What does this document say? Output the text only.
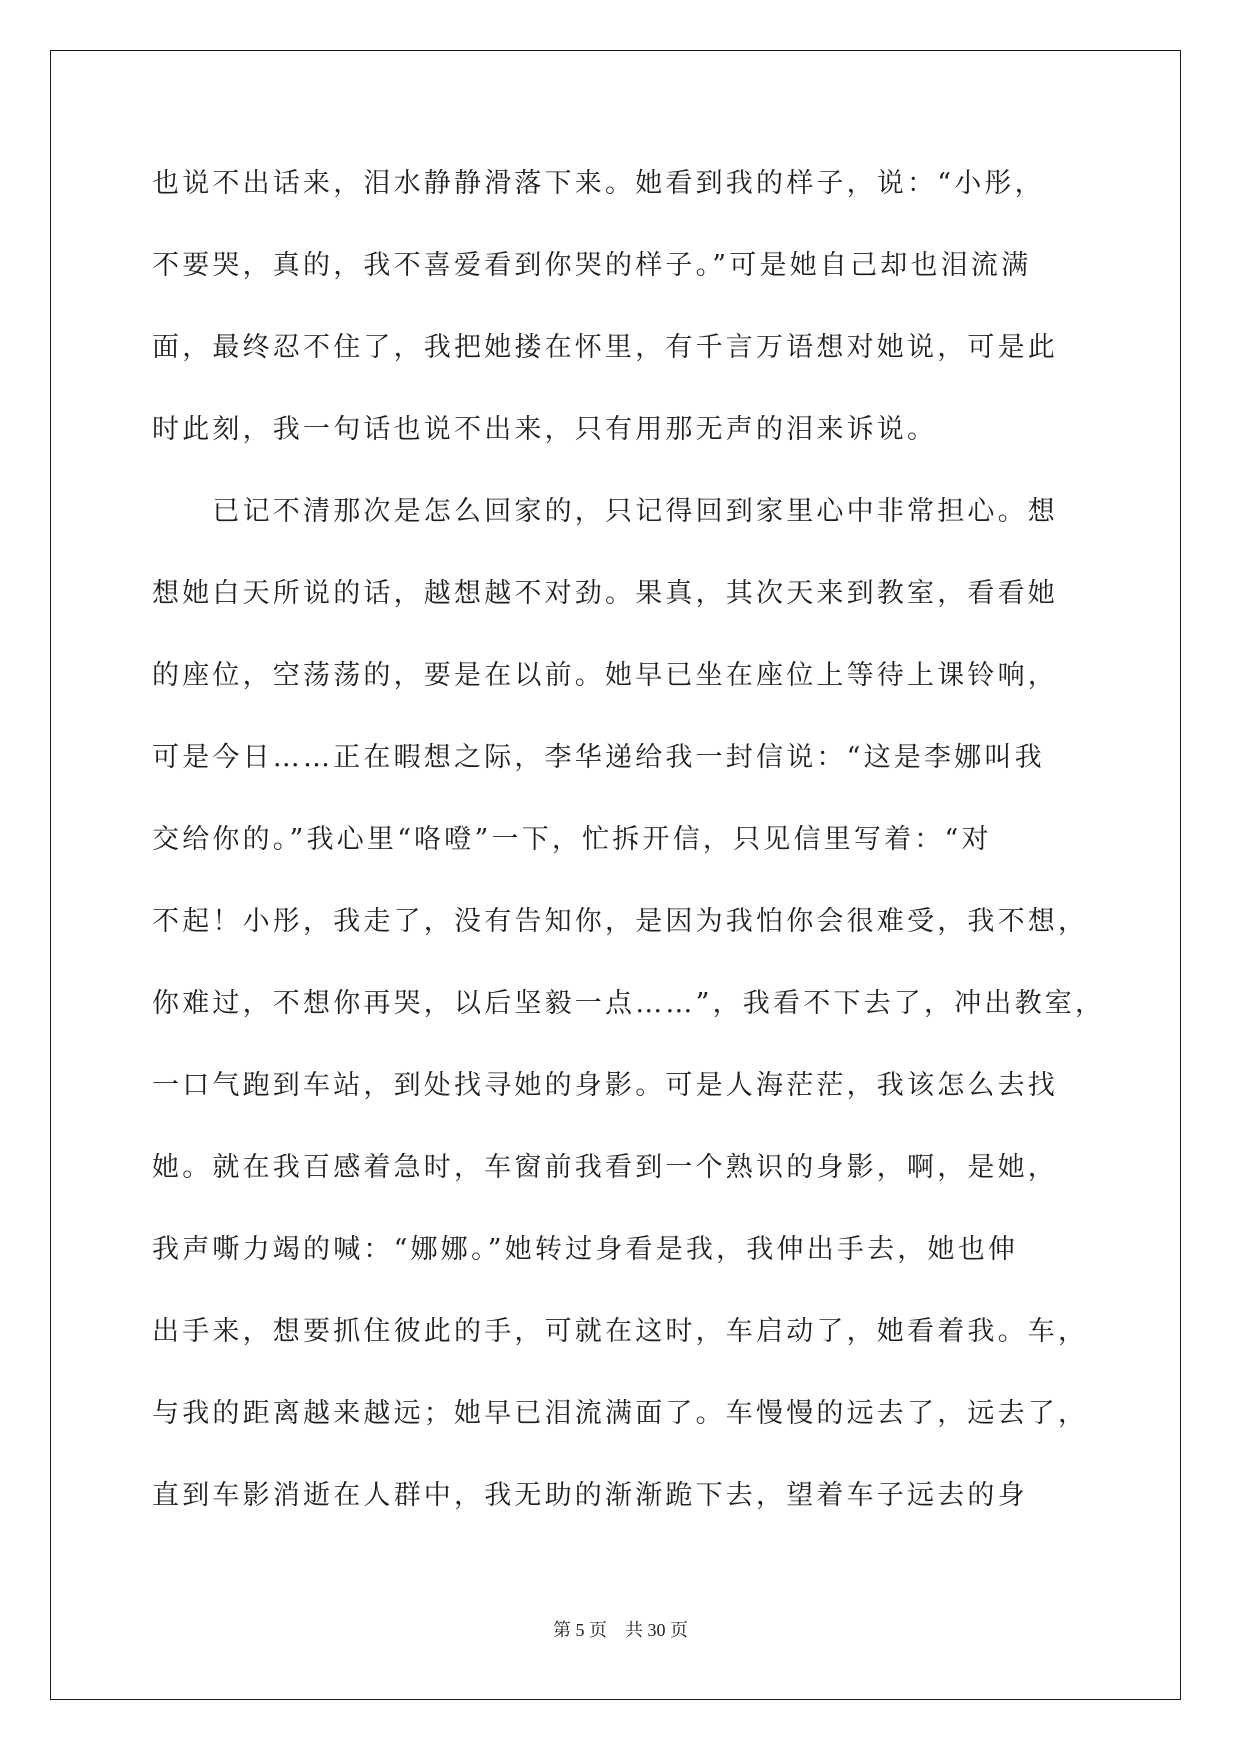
也说不出话来，泪水静静滑落下来。她看到我的样子，说：“小彤，

不要哭，真的，我不喜爱看到你哭的样子。”可是她自己却也泪流满

面，最终忍不住了，我把她搂在怀里，有千言万语想对她说，可是此

时此刻，我一句话也说不出来，只有用那无声的泪来诉说。

　　已记不清那次是怎么回家的，只记得回到家里心中非常担心。想

想她白天所说的话，越想越不对劲。果真，其次天来到教室，看看她

的座位，空荡荡的，要是在以前。她早已坐在座位上等待上课铃响，

可是今日……正在暇想之际，李华递给我一封信说：“这是李娜叫我

交给你的。”我心里“咯噔”一下，忙拆开信，只见信里写着：“对

不起！小彤，我走了，没有告知你，是因为我怕你会很难受，我不想，

你难过，不想你再哭，以后坚毅一点……”，我看不下去了，冲出教室，

一口气跑到车站，到处找寻她的身影。可是人海茫茫，我该怎么去找

她。就在我百感着急时，车窗前我看到一个熟识的身影，啊，是她，

我声嘶力竭的喊：“娜娜。”她转过身看是我，我伸出手去，她也伸

出手来，想要抓住彼此的手，可就在这时，车启动了，她看着我。车，

与我的距离越来越远；她早已泪流满面了。车慢慢的远去了，远去了，

直到车影消逝在人群中，我无助的渐渐跪下去，望着车子远去的身

第 5 页    共 30 页
